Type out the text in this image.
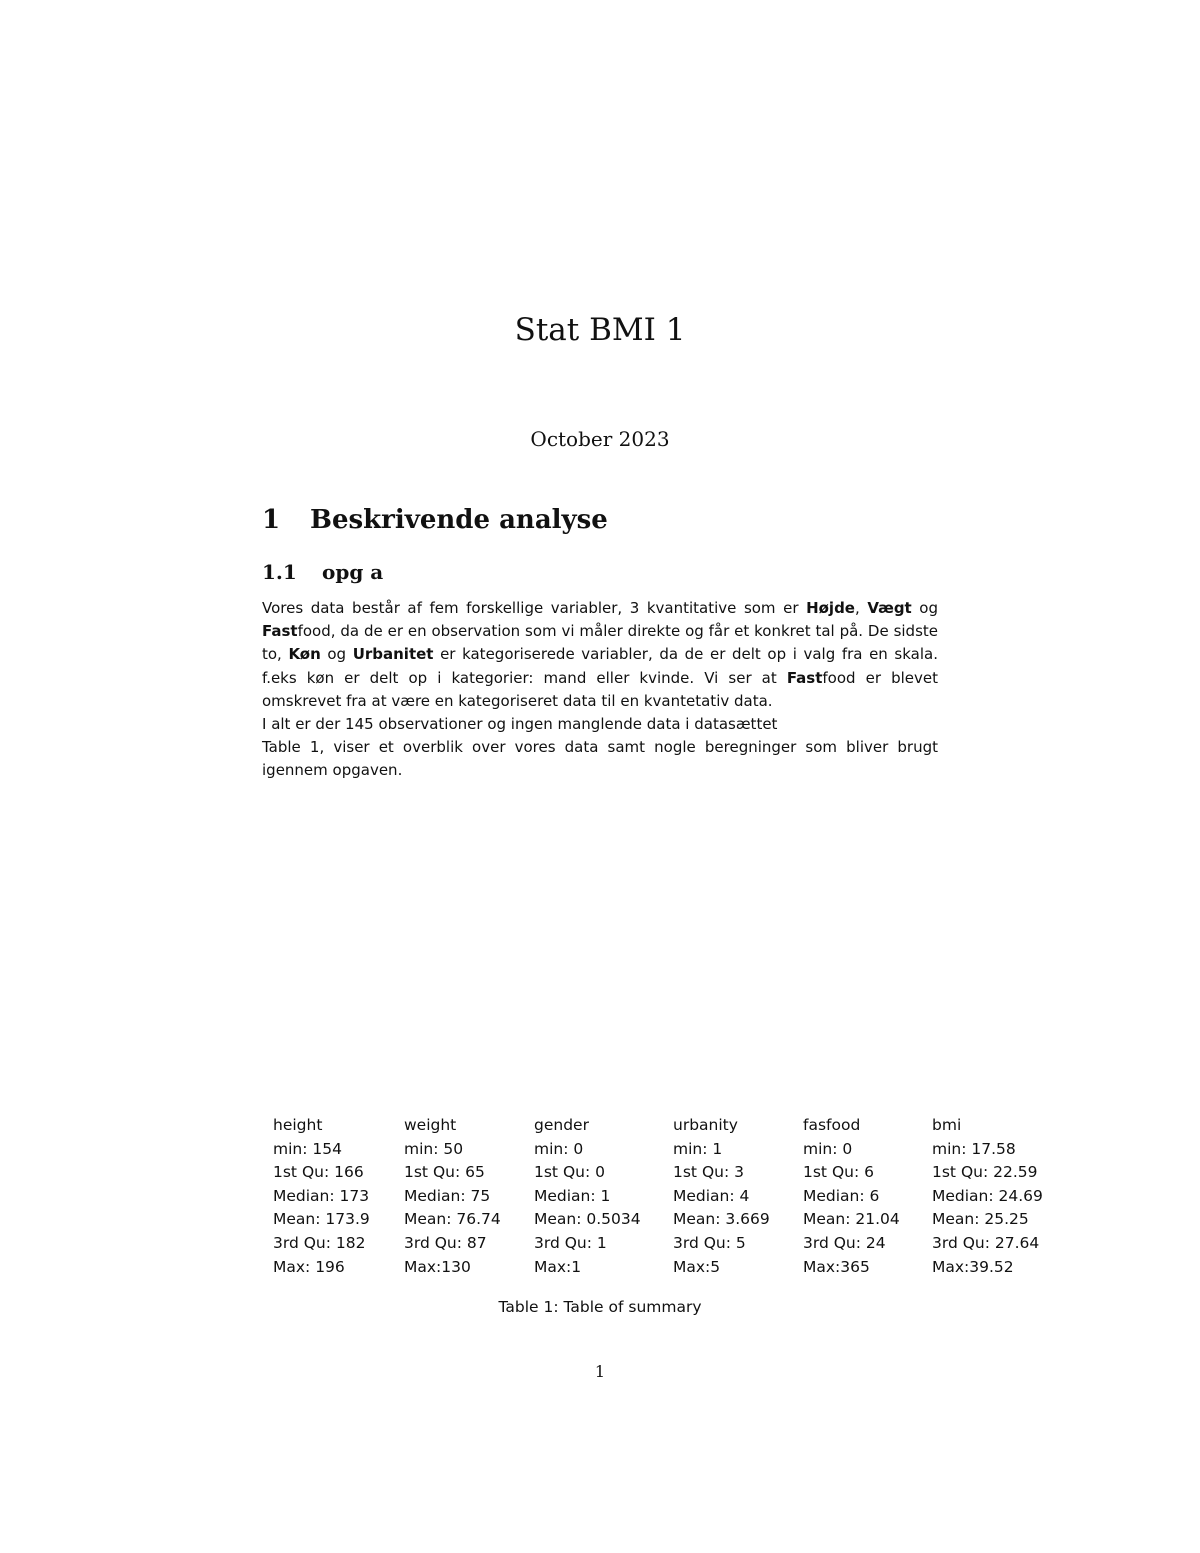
Stat BMI 1
October 2023
1 Beskrivende analyse
1.1 opg a

Vores data består af fem forskellige variabler, 3 kvantitative som er Højde, Vægt og Fastfood, da de er en observation som vi måler direkte og får et konkret tal på. De sidste to, Køn og Urbanitet er kategoriserede variabler, da de er delt op i valg fra en skala. f.eks køn er delt op i kategorier: mand eller kvinde. Vi ser at Fastfood er blevet omskrevet fra at være en kategoriseret data til en kvantetativ data.

I alt er der 145 observationer og ingen manglende data i datasættet

Table 1, viser et overblik over vores data samt nogle beregninger som bliver brugt igennem opgaven.

height
min: 154
1st Qu: 166
Median: 173
Mean: 173.9
3rd Qu: 182
Max: 196
weight
min: 50
1st Qu: 65
Median: 75
Mean: 76.74
3rd Qu: 87
Max:130
gender
min: 0
1st Qu: 0
Median: 1
Mean: 0.5034
3rd Qu: 1
Max:1
urbanity
min: 1
1st Qu: 3
Median: 4
Mean: 3.669
3rd Qu: 5
Max:5
fasfood
min: 0
1st Qu: 6
Median: 6
Mean: 21.04
3rd Qu: 24
Max:365
bmi
min: 17.58
1st Qu: 22.59
Median: 24.69
Mean: 25.25
3rd Qu: 27.64
Max:39.52
Table 1: Table of summary
1
